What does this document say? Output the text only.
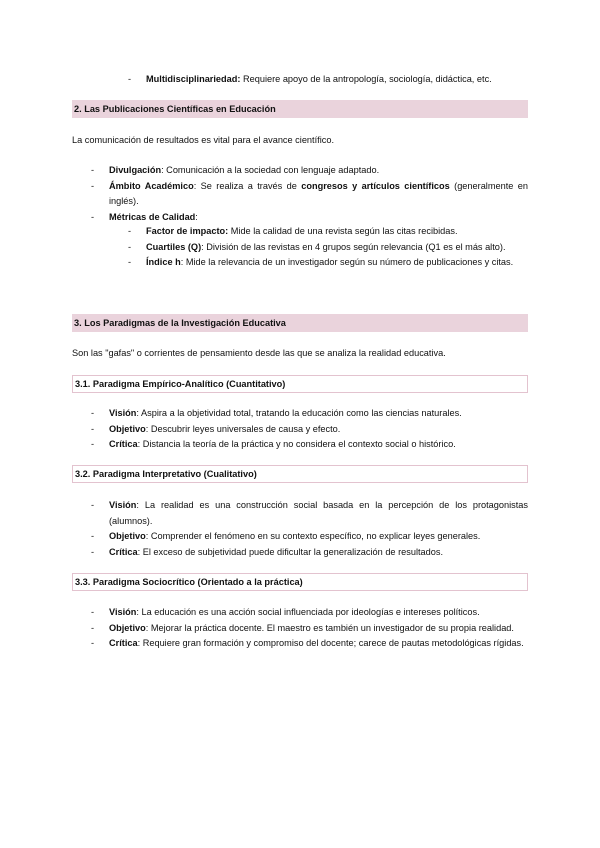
- Multidisciplinariedad: Requiere apoyo de la antropología, sociología, didáctica, etc.
2. Las Publicaciones Científicas en Educación
La comunicación de resultados es vital para el avance científico.
- Divulgación: Comunicación a la sociedad con lenguaje adaptado.
- Ámbito Académico: Se realiza a través de congresos y artículos científicos (generalmente en inglés).
- Métricas de Calidad:
- Factor de impacto: Mide la calidad de una revista según las citas recibidas.
- Cuartiles (Q): División de las revistas en 4 grupos según relevancia (Q1 es el más alto).
- Índice h: Mide la relevancia de un investigador según su número de publicaciones y citas.
3. Los Paradigmas de la Investigación Educativa
Son las "gafas" o corrientes de pensamiento desde las que se analiza la realidad educativa.
3.1. Paradigma Empírico-Analítico (Cuantitativo)
- Visión: Aspira a la objetividad total, tratando la educación como las ciencias naturales.
- Objetivo: Descubrir leyes universales de causa y efecto.
- Crítica: Distancia la teoría de la práctica y no considera el contexto social o histórico.
3.2. Paradigma Interpretativo (Cualitativo)
- Visión: La realidad es una construcción social basada en la percepción de los protagonistas (alumnos).
- Objetivo: Comprender el fenómeno en su contexto específico, no explicar leyes generales.
- Crítica: El exceso de subjetividad puede dificultar la generalización de resultados.
3.3. Paradigma Sociocrítico (Orientado a la práctica)
- Visión: La educación es una acción social influenciada por ideologías e intereses políticos.
- Objetivo: Mejorar la práctica docente. El maestro es también un investigador de su propia realidad.
- Crítica: Requiere gran formación y compromiso del docente; carece de pautas metodológicas rígidas.
